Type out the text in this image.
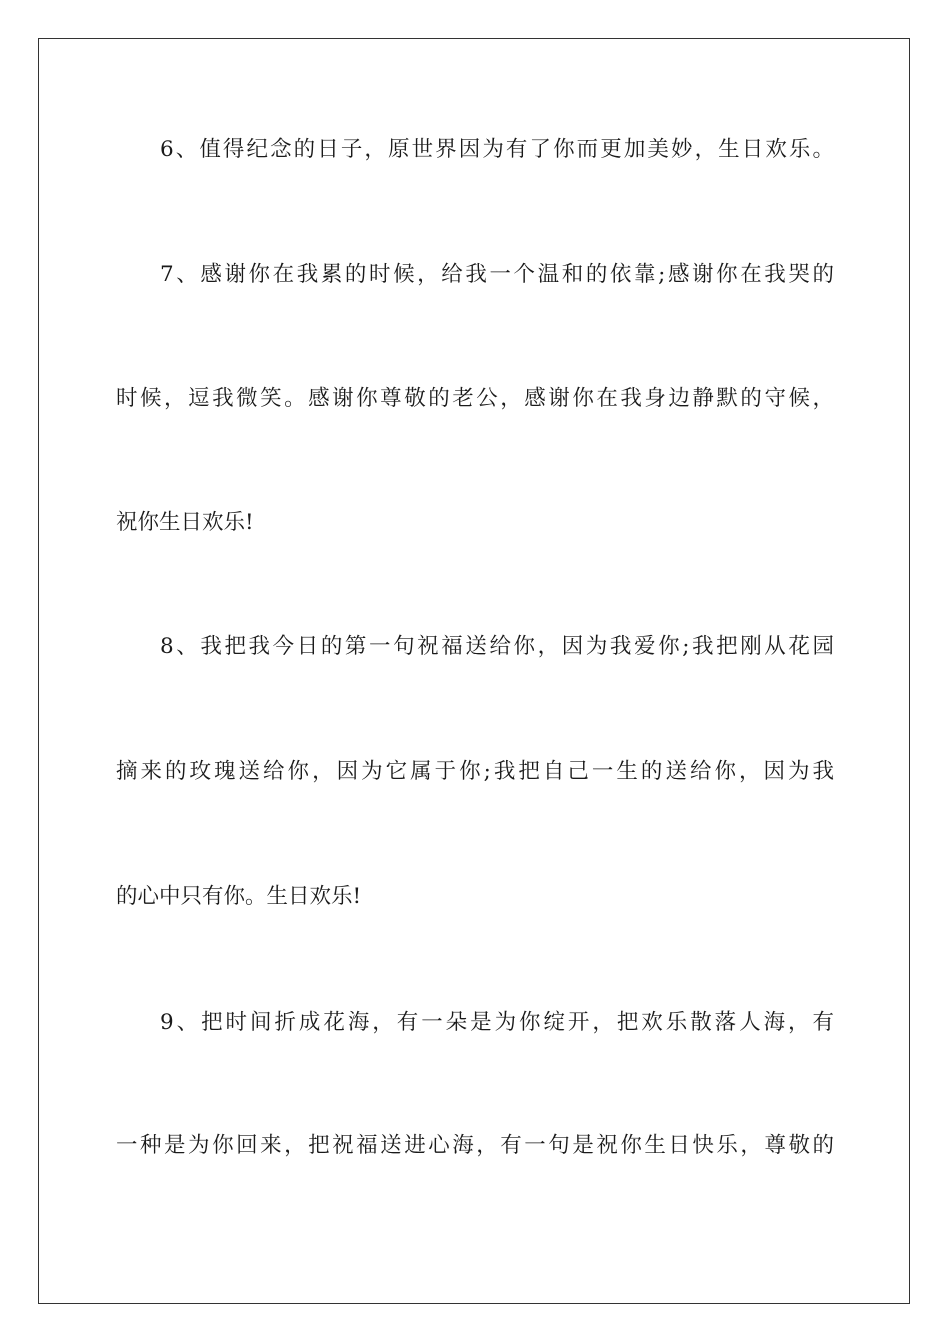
6、值得纪念的日子，原世界因为有了你而更加美妙，生日欢乐。
7、感谢你在我累的时候，给我一个温和的依靠;感谢你在我哭的
时候，逗我微笑。感谢你尊敬的老公，感谢你在我身边静默的守候，
祝你生日欢乐!
8、我把我今日的第一句祝福送给你，因为我爱你;我把刚从花园
摘来的玫瑰送给你，因为它属于你;我把自己一生的送给你，因为我
的心中只有你。生日欢乐!
9、把时间折成花海，有一朵是为你绽开，把欢乐散落人海，有
一种是为你回来，把祝福送进心海，有一句是祝你生日快乐，尊敬的
